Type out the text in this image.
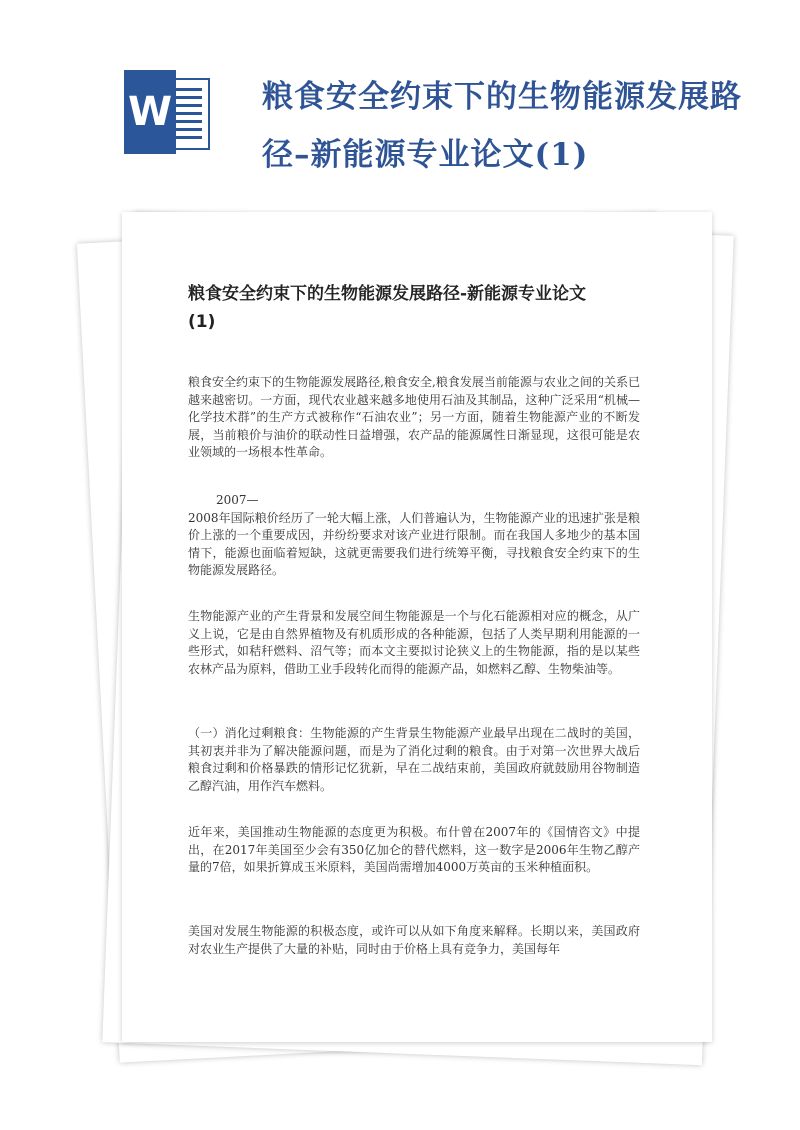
W	粮食安全约束下的生物能源发展路径–新能源专业论文(1)
粮食安全约束下的生物能源发展路径-新能源专业论文(1)

粮食安全约束下的生物能源发展路径,粮食安全,粮食发展当前能源与农业之间的关系已越来越密切。一方面，现代农业越来越多地使用石油及其制品，这种广泛采用“机械—化学技术群”的生产方式被称作“石油农业”；另一方面，随着生物能源产业的不断发展，当前粮价与油价的联动性日益增强，农产品的能源属性日渐显现，这很可能是农业领域的一场根本性革命。

2007—
2008年国际粮价经历了一轮大幅上涨，人们普遍认为，生物能源产业的迅速扩张是粮价上涨的一个重要成因，并纷纷要求对该产业进行限制。而在我国人多地少的基本国情下，能源也面临着短缺，这就更需要我们进行统筹平衡，寻找粮食安全约束下的生物能源发展路径。

生物能源产业的产生背景和发展空间生物能源是一个与化石能源相对应的概念，从广义上说，它是由自然界植物及有机质形成的各种能源，包括了人类早期利用能源的一些形式，如秸秆燃料、沼气等；而本文主要拟讨论狭义上的生物能源，指的是以某些农林产品为原料，借助工业手段转化而得的能源产品，如燃料乙醇、生物柴油等。

（一）消化过剩粮食：生物能源的产生背景生物能源产业最早出现在二战时的美国，其初衷并非为了解决能源问题，而是为了消化过剩的粮食。由于对第一次世界大战后粮食过剩和价格暴跌的情形记忆犹新，早在二战结束前，美国政府就鼓励用谷物制造乙醇汽油，用作汽车燃料。

近年来，美国推动生物能源的态度更为积极。布什曾在2007年的《国情咨文》中提出，在2017年美国至少会有350亿加仑的替代燃料，这一数字是2006年生物乙醇产量的7倍，如果折算成玉米原料，美国尚需增加4000万英亩的玉米种植面积。

美国对发展生物能源的积极态度，或许可以从如下角度来解释。长期以来，美国政府对农业生产提供了大量的补贴，同时由于价格上具有竞争力，美国每年
